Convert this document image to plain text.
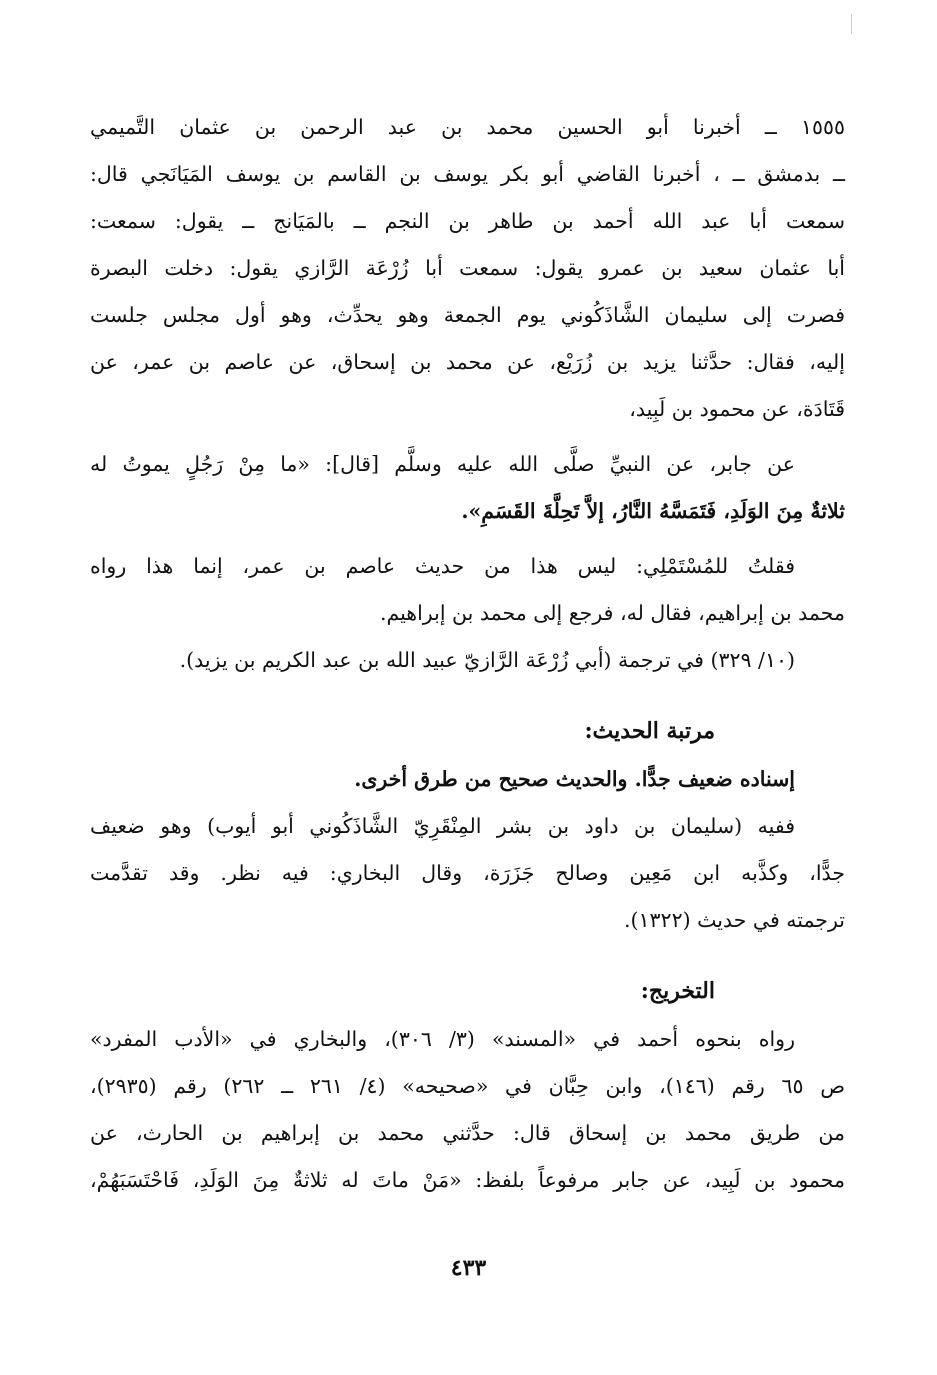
١٥٥٥ ــ أخبرنا أبو الحسين محمد بن عبد الرحمن بن عثمان التَّميمي
ــ بدمشق ــ ، أخبرنا القاضي أبو بكر يوسف بن القاسم بن يوسف المَيَانَجي قال:
سمعت أبا عبد الله أحمد بن طاهر بن النجم ــ بالمَيَانج ــ يقول: سمعت:
أبا عثمان سعيد بن عمرو يقول: سمعت أبا زُرْعَة الرَّازي يقول: دخلت البصرة
فصرت إلى سليمان الشَّاذَكُوني يوم الجمعة وهو يحدِّث، وهو أول مجلس جلست
إليه، فقال: حدَّثنا يزيد بن زُرَيْع، عن محمد بن إسحاق، عن عاصم بن عمر، عن
قَتَادَة، عن محمود بن لَبِيد،
عن جابر، عن النبيِّ صلَّى الله عليه وسلَّم [قال]: «ما مِنْ رَجُلٍ يموتُ له
ثلاثةٌ مِنَ الوَلَدِ، فَتَمَسَّهُ النَّارُ، إلاَّ تَحِلَّةَ القَسَمِ».
فقلتُ للمُسْتَمْلِي: ليس هذا من حديث عاصم بن عمر، إنما هذا رواه
محمد بن إبراهيم، فقال له، فرجع إلى محمد بن إبراهيم.
(١٠/ ٣٢٩) في ترجمة (أبي زُرْعَة الرَّازيّ عبيد الله بن عبد الكريم بن يزيد).
مرتبة الحديث:
إسناده ضعيف جدًّا. والحديث صحيح من طرق أخرى.
ففيه (سليمان بن داود بن بشر المِنْقَرِيّ الشَّاذَكُوني أبو أيوب) وهو ضعيف
جدًّا، وكذَّبه ابن مَعِين وصالح جَزَرَة، وقال البخاري: فيه نظر. وقد تقدَّمت
ترجمته في حديث (١٣٢٢).
التخريج:
رواه بنحوه أحمد في «المسند» (٣/ ٣٠٦)، والبخاري في «الأدب المفرد»
ص ٦٥ رقم (١٤٦)، وابن حِبَّان في «صحيحه» (٤/ ٢٦١ ــ ٢٦٢) رقم (٢٩٣٥)،
من طريق محمد بن إسحاق قال: حدَّثني محمد بن إبراهيم بن الحارث، عن
محمود بن لَبِيد، عن جابر مرفوعاً بلفظ: «مَنْ ماتَ له ثلاثةٌ مِنَ الوَلَدِ، فَاحْتَسَبَهُمْ،
٤٣٣
